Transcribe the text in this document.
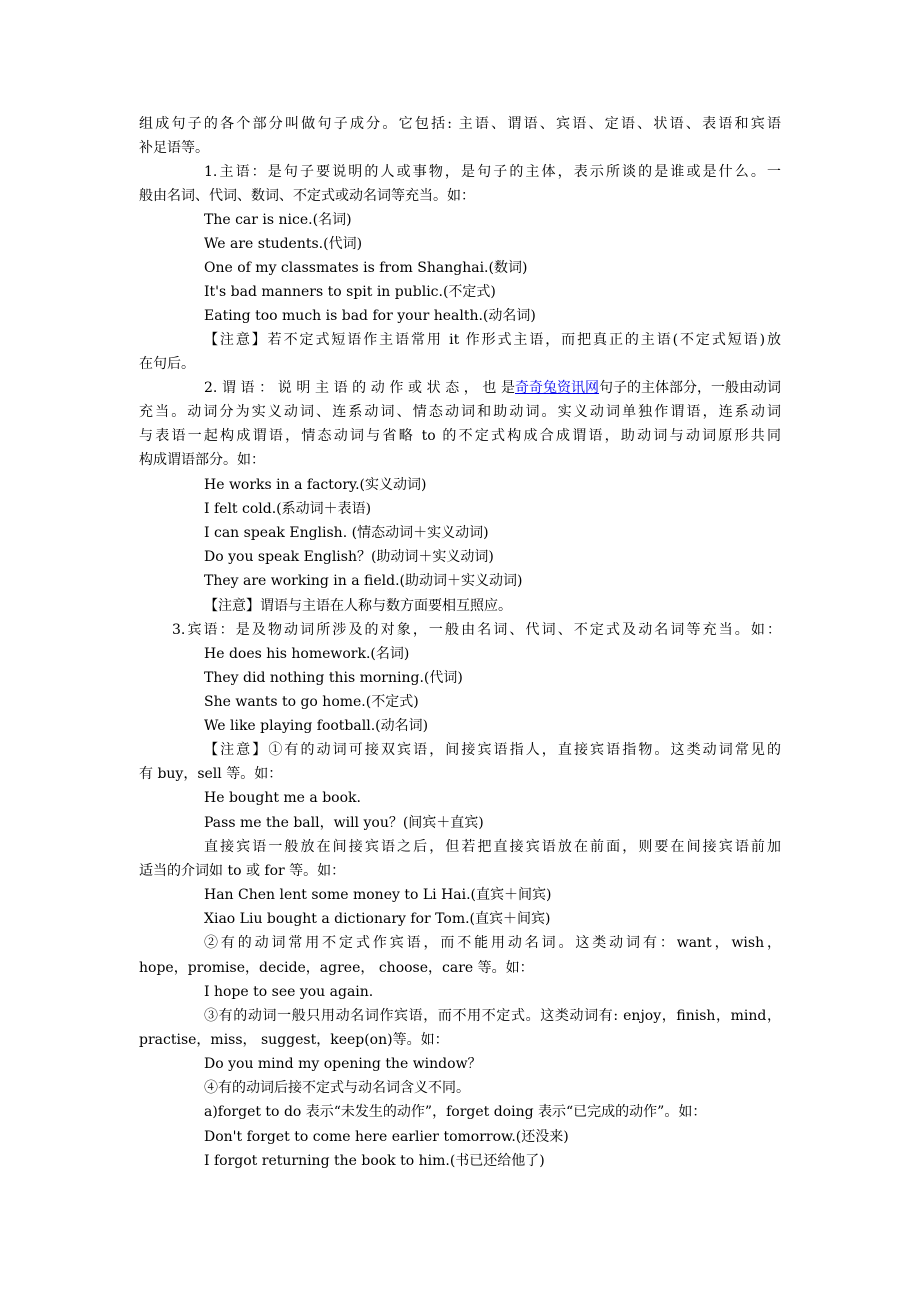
组成句子的各个部分叫做句子成分。它包括: 主语、谓语、宾语、定语、状语、表语和宾语
补足语等。
1.主语：是句子要说明的人或事物，是句子的主体，表示所谈的是谁或是什么。一
般由名词、代词、数词、不定式或动名词等充当。如：
The car is nice.(名词)
We are students.(代词)
One of my classmates is from Shanghai.(数词)
It's bad manners to spit in public.(不定式)
Eating too much is bad for your health.(动名词)
【注意】若不定式短语作主语常用 it 作形式主语，而把真正的主语(不定式短语)放
在句后。
2.谓语：说明主语的动作或状态，也是 奇奇兔资讯网 句子的主体部分，一般由动词
充当。动词分为实义动词、连系动词、情态动词和助动词。实义动词单独作谓语，连系动词
与表语一起构成谓语，情态动词与省略 to 的不定式构成合成谓语，助动词与动词原形共同
构成谓语部分。如：
He works in a factory.(实义动词)
I felt cold.(系动词＋表语)
I can speak English. (情态动词＋实义动词)
Do you speak English？(助动词＋实义动词)
They are working in a field.(助动词＋实义动词)
【注意】谓语与主语在人称与数方面要相互照应。
3.宾语：是及物动词所涉及的对象，一般由名词、代词、不定式及动名词等充当。如：
He does his homework.(名词)
They did nothing this morning.(代词)
She wants to go home.(不定式)
We like playing football.(动名词)
【注意】①有的动词可接双宾语，间接宾语指人，直接宾语指物。这类动词常见的
有 buy，sell 等。如：
He bought me a book.
Pass me the ball，will you？(间宾＋直宾)
直接宾语一般放在间接宾语之后，但若把直接宾语放在前面，则要在间接宾语前加
适当的介词如 to 或 for 等。如：
Han Chen lent some money to Li Hai.(直宾＋间宾)
Xiao Liu bought a dictionary for Tom.(直宾＋间宾)
②有的动词常用不定式作宾语，而不能用动名词。这类动词有：want，wish，
hope，promise，decide，agree， choose，care 等。如：
I hope to see you again.
③有的动词一般只用动名词作宾语，而不用不定式。这类动词有: enjoy，finish，mind，
practise，miss， suggest，keep(on)等。如：
Do you mind my opening the window？
④有的动词后接不定式与动名词含义不同。
a)forget to do 表示“未发生的动作”，forget doing 表示“已完成的动作”。如：
Don't forget to come here earlier tomorrow.(还没来)
I forgot returning the book to him.(书已还给他了)
